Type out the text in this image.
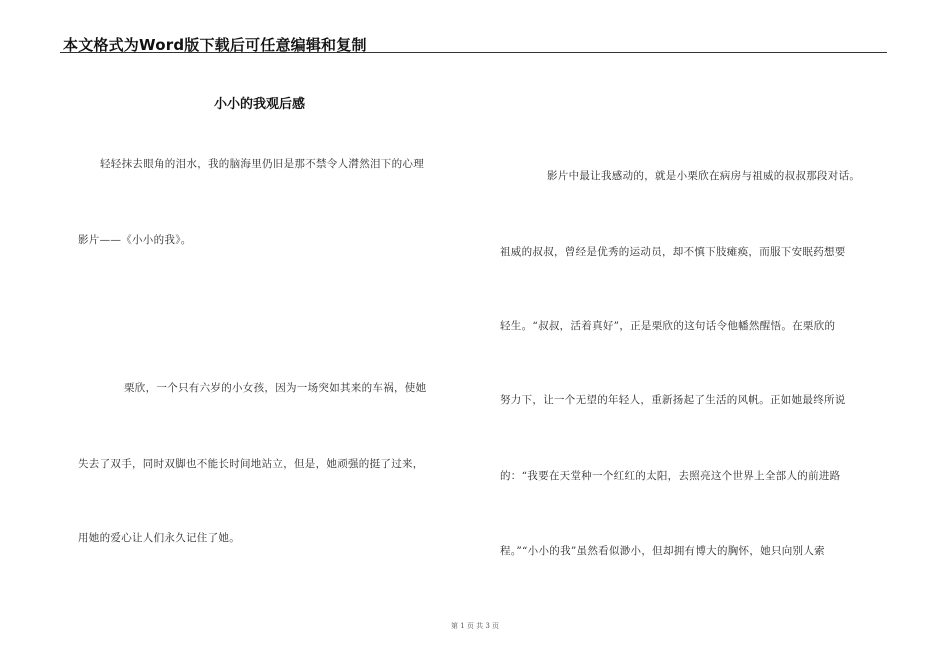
本文格式为Word版下载后可任意编辑和复制
小小的我观后感
轻轻抹去眼角的泪水，我的脑海里仍旧是那不禁令人潸然泪下的心理
影片——《小小的我》。
栗欣，一个只有六岁的小女孩，因为一场突如其来的车祸，使她
失去了双手，同时双脚也不能长时间地站立，但是，她顽强的挺了过来，
用她的爱心让人们永久记住了她。
影片中最让我感动的，就是小栗欣在病房与祖威的叔叔那段对话。
祖威的叔叔，曾经是优秀的运动员，却不慎下肢瘫痪，而服下安眠药想要
轻生。“叔叔，活着真好”，正是栗欣的这句话令他幡然醒悟。在栗欣的
努力下，让一个无望的年轻人，重新扬起了生活的风帆。正如她最终所说
的：“我要在天堂种一个红红的太阳，去照亮这个世界上全部人的前进路
程。”“小小的我”虽然看似渺小，但却拥有博大的胸怀，她只向别人索
第 1 页 共 3 页
